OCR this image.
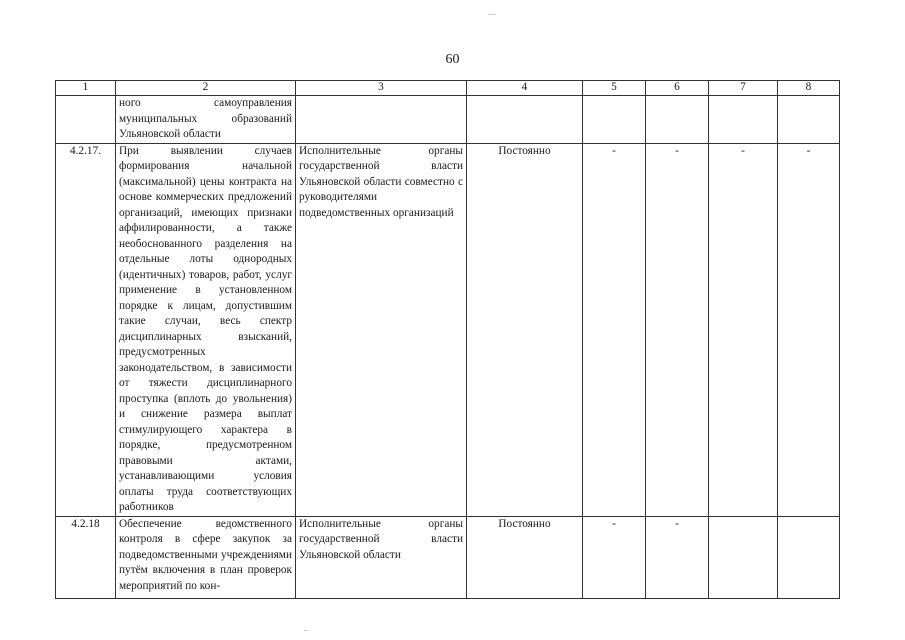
60
1	2	3	4	5	6	7	8
	ного самоуправления муниципальных образований Ульяновской области						
4.2.17.	При выявлении случаев формирования начальной (максимальной) цены контракта на основе коммерческих предложений организаций, имеющих признаки аффилированности, а также необоснованного разделения на отдельные лоты однородных (идентичных) товаров, работ, услуг применение в установленном порядке к лицам, допустившим такие случаи, весь спектр дисциплинарных взысканий, предусмотренных законодательством, в зависимости от тяжести дисциплинарного проступка (вплоть до увольнения) и снижение размера выплат стимулирующего характера в порядке, предусмотренном правовыми актами, устанавливающими условия оплаты труда соответствующих работников	Исполнительные органы государственной власти Ульяновской области совместно с руководителями подведомственных организаций	Постоянно	-	-	-	-
4.2.18	Обеспечение ведомственного контроля в сфере закупок за подведомственными учреждениями путём включения в план проверок мероприятий по кон-	Исполнительные органы государственной власти Ульяновской области	Постоянно	-	-		
